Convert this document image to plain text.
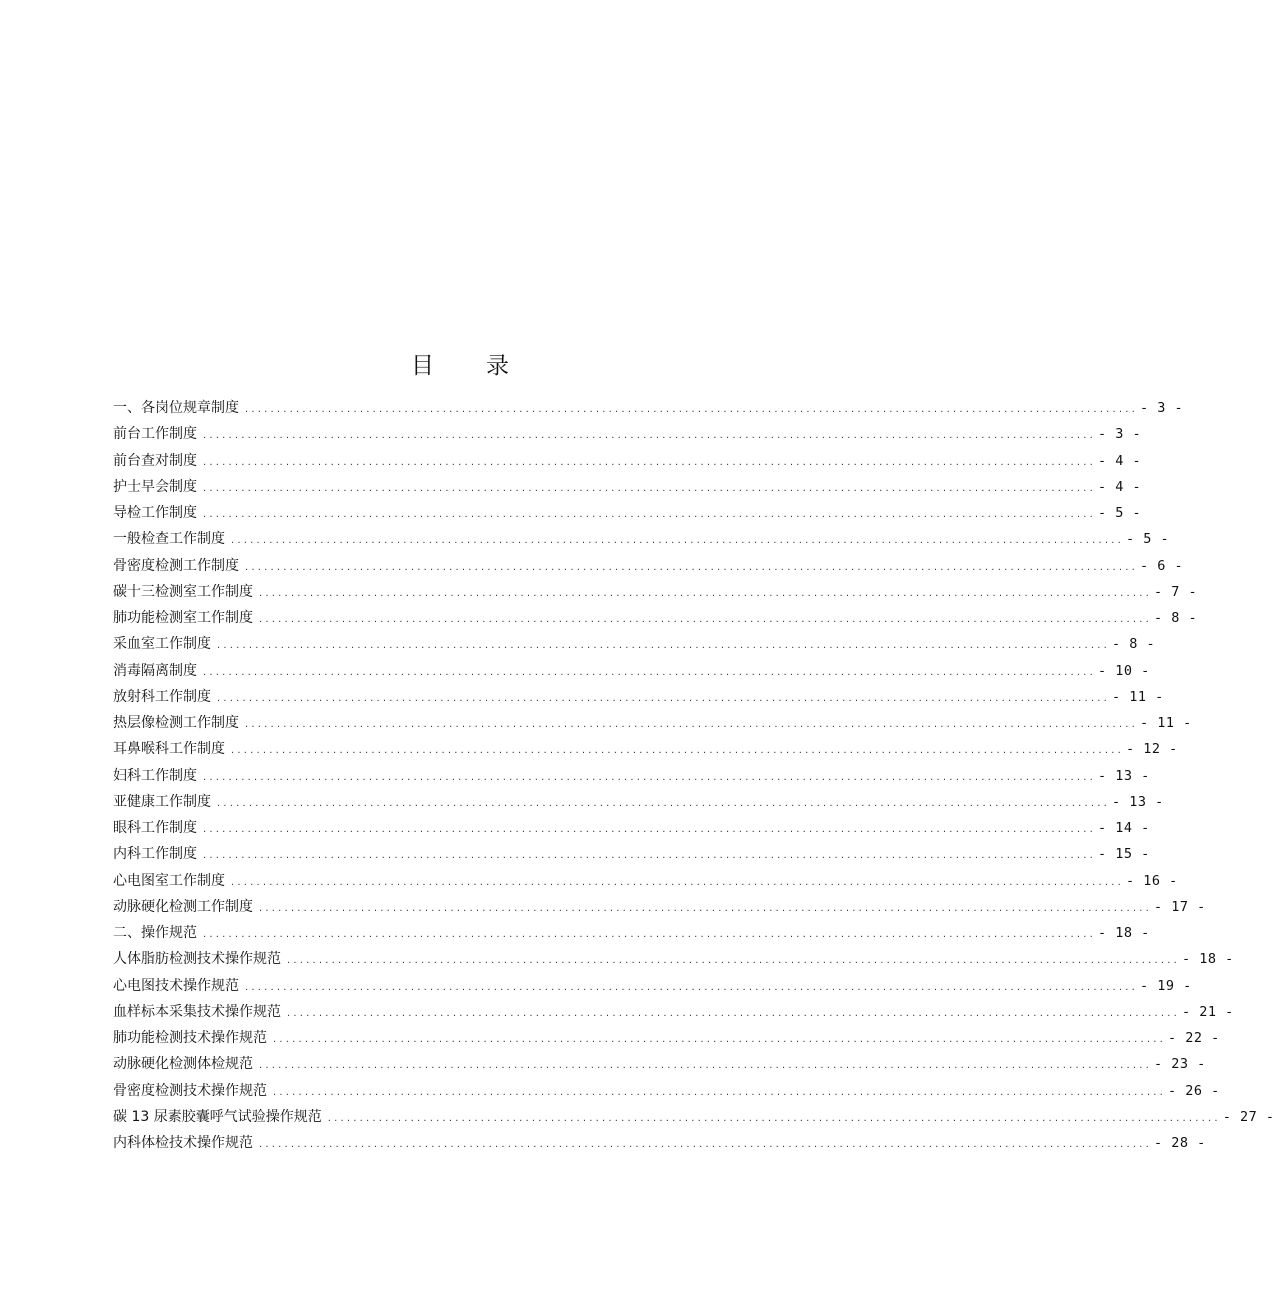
目 录
一、各岗位规章制度 ............................................................................................................................................ - 3 -
前台工作制度 ............................................................................................................................................ - 3 -
前台查对制度 ............................................................................................................................................ - 4 -
护士早会制度 ............................................................................................................................................ - 4 -
导检工作制度 ............................................................................................................................................ - 5 -
一般检查工作制度 ............................................................................................................................................ - 5 -
骨密度检测工作制度 ............................................................................................................................................ - 6 -
碳十三检测室工作制度 ............................................................................................................................................ - 7 -
肺功能检测室工作制度 ............................................................................................................................................ - 8 -
采血室工作制度 ............................................................................................................................................ - 8 -
消毒隔离制度 ............................................................................................................................................ - 10 -
放射科工作制度 ............................................................................................................................................ - 11 -
热层像检测工作制度 ............................................................................................................................................ - 11 -
耳鼻喉科工作制度 ............................................................................................................................................ - 12 -
妇科工作制度 ............................................................................................................................................ - 13 -
亚健康工作制度 ............................................................................................................................................ - 13 -
眼科工作制度 ............................................................................................................................................ - 14 -
内科工作制度 ............................................................................................................................................ - 15 -
心电图室工作制度 ............................................................................................................................................ - 16 -
动脉硬化检测工作制度 ............................................................................................................................................ - 17 -
二、操作规范 ............................................................................................................................................ - 18 -
人体脂肪检测技术操作规范 ............................................................................................................................................ - 18 -
心电图技术操作规范 ............................................................................................................................................ - 19 -
血样标本采集技术操作规范 ............................................................................................................................................ - 21 -
肺功能检测技术操作规范 ............................................................................................................................................ - 22 -
动脉硬化检测体检规范 ............................................................................................................................................ - 23 -
骨密度检测技术操作规范 ............................................................................................................................................ - 26 -
碳 13 尿素胶囊呼气试验操作规范 ............................................................................................................................................ - 27 -
内科体检技术操作规范 ............................................................................................................................................ - 28 -
